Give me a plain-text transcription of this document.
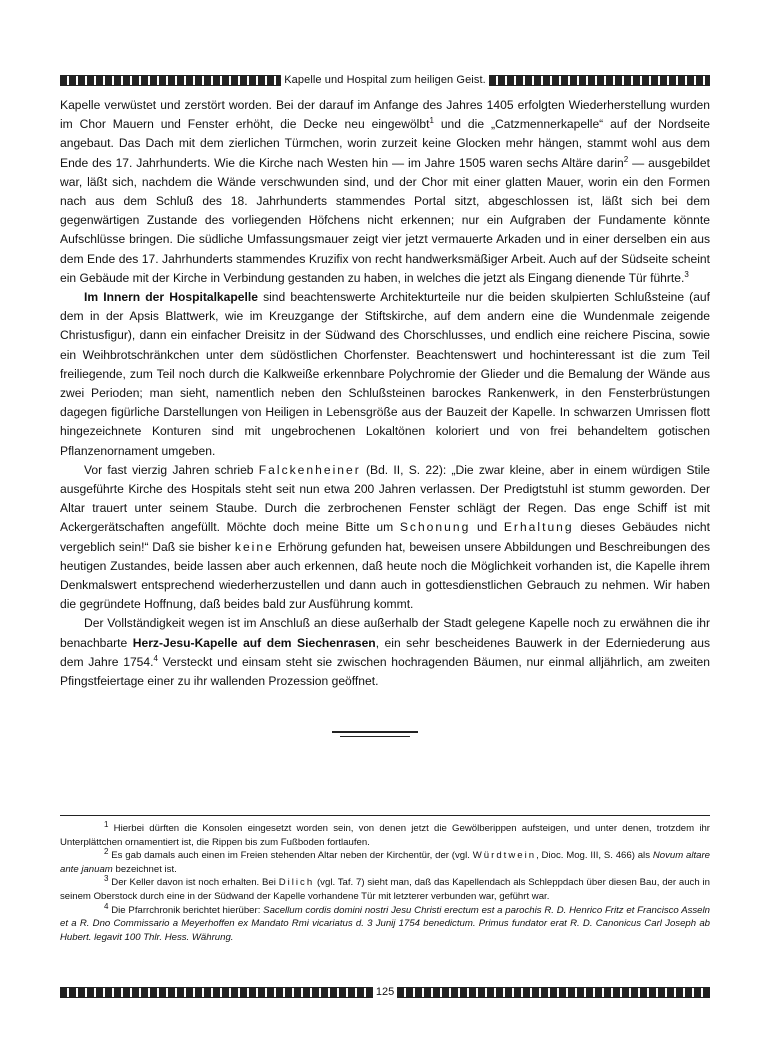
Kapelle und Hospital zum heiligen Geist.

Kapelle verwüstet und zerstört worden. Bei der darauf im Anfange des Jahres 1405 erfolgten Wiederherstellung wurden im Chor Mauern und Fenster erhöht, die Decke neu eingewölbt$^1$ und die „Catzmennerkapelle“ auf der Nordseite angebaut. Das Dach mit dem zierlichen Türmchen, worin zurzeit keine Glocken mehr hängen, stammt wohl aus dem Ende des 17. Jahrhunderts. Wie die Kirche nach Westen hin — im Jahre 1505 waren sechs Altäre darin$^2$ — ausgebildet war, läßt sich, nachdem die Wände verschwunden sind, und der Chor mit einer glatten Mauer, worin ein den Formen nach aus dem Schluß des 18. Jahrhunderts stammendes Portal sitzt, abgeschlossen ist, läßt sich bei dem gegenwärtigen Zustande des vorliegenden Höfchens nicht erkennen; nur ein Aufgraben der Fundamente könnte Aufschlüsse bringen. Die südliche Umfassungsmauer zeigt vier jetzt vermauerte Arkaden und in einer derselben ein aus dem Ende des 17. Jahrhunderts stammendes Kruzifix von recht handwerksmäßiger Arbeit. Auch auf der Südseite scheint ein Gebäude mit der Kirche in Verbindung gestanden zu haben, in welches die jetzt als Eingang dienende Tür führte.$^3$

Im Innern der Hospitalkapelle sind beachtenswerte Architekturteile nur die beiden skulpierten Schlußsteine (auf dem in der Apsis Blattwerk, wie im Kreuzgange der Stiftskirche, auf dem andern eine die Wundenmale zeigende Christusfigur), dann ein einfacher Dreisitz in der Südwand des Chorschlusses, und endlich eine reichere Piscina, sowie ein Weihbrotschränkchen unter dem südöstlichen Chorfenster. Beachtenswert und hochinteressant ist die zum Teil freiliegende, zum Teil noch durch die Kalkweiße erkennbare Polychromie der Glieder und die Bemalung der Wände aus zwei Perioden; man sieht, namentlich neben den Schlußsteinen barockes Rankenwerk, in den Fensterbrüstungen dagegen figürliche Darstellungen von Heiligen in Lebensgröße aus der Bauzeit der Kapelle. In schwarzen Umrissen flott hingezeichnete Konturen sind mit ungebrochenen Lokaltönen koloriert und von frei behandeltem gotischen Pflanzenornament umgeben.

Vor fast vierzig Jahren schrieb Falckenheiner (Bd. II, S. 22): „Die zwar kleine, aber in einem würdigen Stile ausgeführte Kirche des Hospitals steht seit nun etwa 200 Jahren verlassen. Der Predigtstuhl ist stumm geworden. Der Altar trauert unter seinem Staube. Durch die zerbrochenen Fenster schlägt der Regen. Das enge Schiff ist mit Ackergerätschaften angefüllt. Möchte doch meine Bitte um Schonung und Erhaltung dieses Gebäudes nicht vergeblich sein!“ Daß sie bisher keine Erhörung gefunden hat, beweisen unsere Abbildungen und Beschreibungen des heutigen Zustandes, beide lassen aber auch erkennen, daß heute noch die Möglichkeit vorhanden ist, die Kapelle ihrem Denkmalswert entsprechend wiederherzustellen und dann auch in gottesdienstlichen Gebrauch zu nehmen. Wir haben die gegründete Hoffnung, daß beides bald zur Ausführung kommt.

Der Vollständigkeit wegen ist im Anschluß an diese außerhalb der Stadt gelegene Kapelle noch zu erwähnen die ihr benachbarte Herz-Jesu-Kapelle auf dem Siechenrasen, ein sehr bescheidenes Bauwerk in der Ederniederung aus dem Jahre 1754.$^4$ Versteckt und einsam steht sie zwischen hochragenden Bäumen, nur einmal alljährlich, am zweiten Pfingstfeiertage einer zu ihr wallenden Prozession geöffnet.

$^1$ Hierbei dürften die Konsolen eingesetzt worden sein, von denen jetzt die Gewölberippen aufsteigen, und unter denen, trotzdem ihr Unterplättchen ornamentiert ist, die Rippen bis zum Fußboden fortlaufen.

$^2$ Es gab damals auch einen im Freien stehenden Altar neben der Kirchentür, der (vgl. Würdtwein, Dioc. Mog. III, S. 466) als Novum altare ante januam bezeichnet ist.

$^3$ Der Keller davon ist noch erhalten. Bei Dilich (vgl. Taf. 7) sieht man, daß das Kapellendach als Schleppdach über diesen Bau, der auch in seinem Oberstock durch eine in der Südwand der Kapelle vorhandene Tür mit letzterer verbunden war, geführt war.

$^4$ Die Pfarrchronik berichtet hierüber: Sacellum cordis domini nostri Jesu Christi erectum est a parochis R. D. Henrico Fritz et Francisco Asseln et a R. Dno Commissario a Meyerhoffen ex Mandato Rmi vicariatus d. 3 Junij 1754 benedictum. Primus fundator erat R. D. Canonicus Carl Joseph ab Hubert. legavit 100 Thlr. Hess. Währung.

125
